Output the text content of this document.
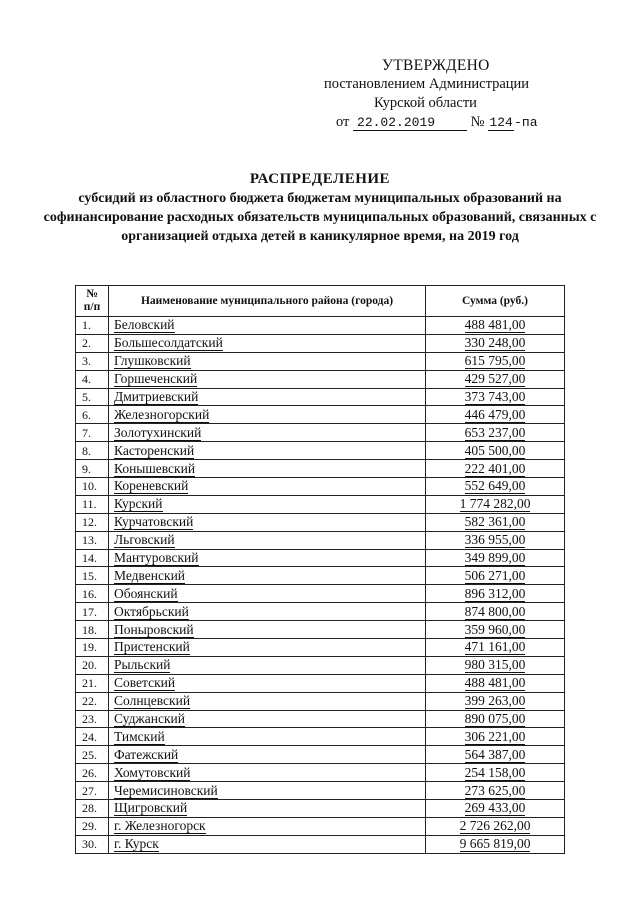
УТВЕРЖДЕНО
постановлением Администрации
Курской области
от 22.02.2019 № 124-па
РАСПРЕДЕЛЕНИЕ
субсидий из областного бюджета бюджетам муниципальных образований на софинансирование расходных обязательств муниципальных образований, связанных с организацией отдыха детей в каникулярное время, на 2019 год
№ п/п	Наименование муниципального района (города)	Сумма (руб.)
1.	Беловский	488 481,00
2.	Большесолдатский	330 248,00
3.	Глушковский	615 795,00
4.	Горшеченский	429 527,00
5.	Дмитриевский	373 743,00
6.	Железногорский	446 479,00
7.	Золотухинский	653 237,00
8.	Касторенский	405 500,00
9.	Конышевский	222 401,00
10.	Кореневский	552 649,00
11.	Курский	1 774 282,00
12.	Курчатовский	582 361,00
13.	Льговский	336 955,00
14.	Мантуровский	349 899,00
15.	Медвенский	506 271,00
16.	Обоянский	896 312,00
17.	Октябрьский	874 800,00
18.	Поныровский	359 960,00
19.	Пристенский	471 161,00
20.	Рыльский	980 315,00
21.	Советский	488 481,00
22.	Солнцевский	399 263,00
23.	Суджанский	890 075,00
24.	Тимский	306 221,00
25.	Фатежский	564 387,00
26.	Хомутовский	254 158,00
27.	Черемисиновский	273 625,00
28.	Щигровский	269 433,00
29.	г. Железногорск	2 726 262,00
30.	г. Курск	9 665 819,00
